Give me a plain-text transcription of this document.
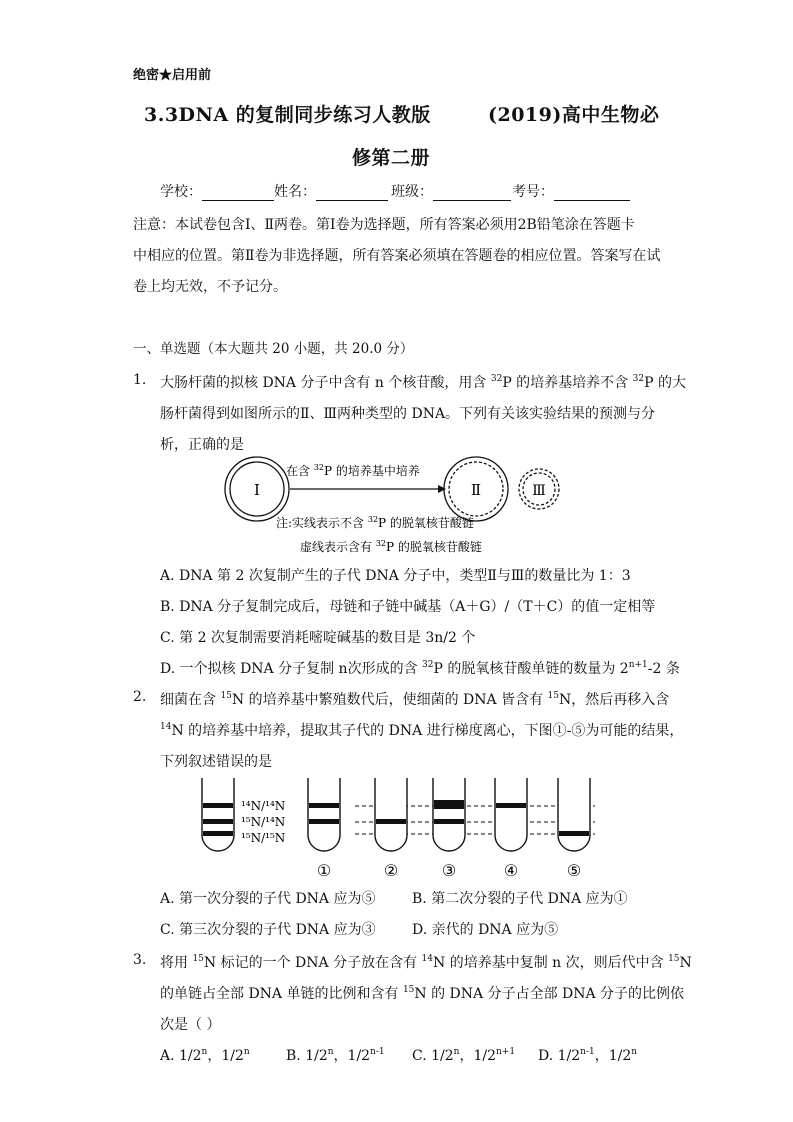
绝密★启用前
3.3DNA 的复制同步练习人教版	(2019)高中生物必
修第二册
学校：	姓名：	班级：	考号：
注意：本试卷包含Ⅰ、Ⅱ两卷。第Ⅰ卷为选择题，所有答案必须用2B铅笔涂在答题卡
中相应的位置。第Ⅱ卷为非选择题，所有答案必须填在答题卷的相应位置。答案写在试
卷上均无效，不予记分。
一、单选题（本大题共 20 小题，共 20.0 分）
1. 大肠杆菌的拟核 DNA 分子中含有 n 个核苷酸，用含 $^{32}$P 的培养基培养不含 $^{32}$P 的大
肠杆菌得到如图所示的Ⅱ、Ⅲ两种类型的 DNA。下列有关该实验结果的预测与分
析，正确的是
Ⅰ
在含 $^{32}$P 的培养基中培养
Ⅱ	Ⅲ
注:实线表示不含 $^{32}$P 的脱氧核苷酸链
虚线表示含有 $^{32}$P 的脱氧核苷酸链
A. DNA 第 2 次复制产生的子代 DNA 分子中，类型Ⅱ与Ⅲ的数量比为 1：3
B. DNA 分子复制完成后，母链和子链中碱基（A＋G）/（T＋C）的值一定相等
C. 第 2 次复制需要消耗嘧啶碱基的数目是 3n/2 个
D. 一个拟核 DNA 分子复制 n次形成的含 $^{32}$P 的脱氧核苷酸单链的数量为 $2^{n+1}-2$ 条
2. 细菌在含 $^{15}$N 的培养基中繁殖数代后，使细菌的 DNA 皆含有 $^{15}$N，然后再移入含
$^{14}$N 的培养基中培养，提取其子代的 DNA 进行梯度离心，下图①-⑤为可能的结果，
下列叙述错误的是
¹⁴N/¹⁴N
¹⁵N/¹⁴N
¹⁵N/¹⁵N
①	②	③	④	⑤
A. 第一次分裂的子代 DNA 应为⑤	B. 第二次分裂的子代 DNA 应为①
C. 第三次分裂的子代 DNA 应为③	D. 亲代的 DNA 应为⑤
3. 将用 $^{15}$N 标记的一个 DNA 分子放在含有 $^{14}$N 的培养基中复制 n 次，则后代中含 $^{15}$N
的单链占全部 DNA 单链的比例和含有 $^{15}$N 的 DNA 分子占全部 DNA 分子的比例依
次是（ ）
A. 1/2$^n$，1/2$^n$	B. 1/2$^n$，1/2$^{n-1}$ C. 1/2$^n$，$1/2^{n+1}$ D. 1/2$^{n-1}$，1/2$^n$
